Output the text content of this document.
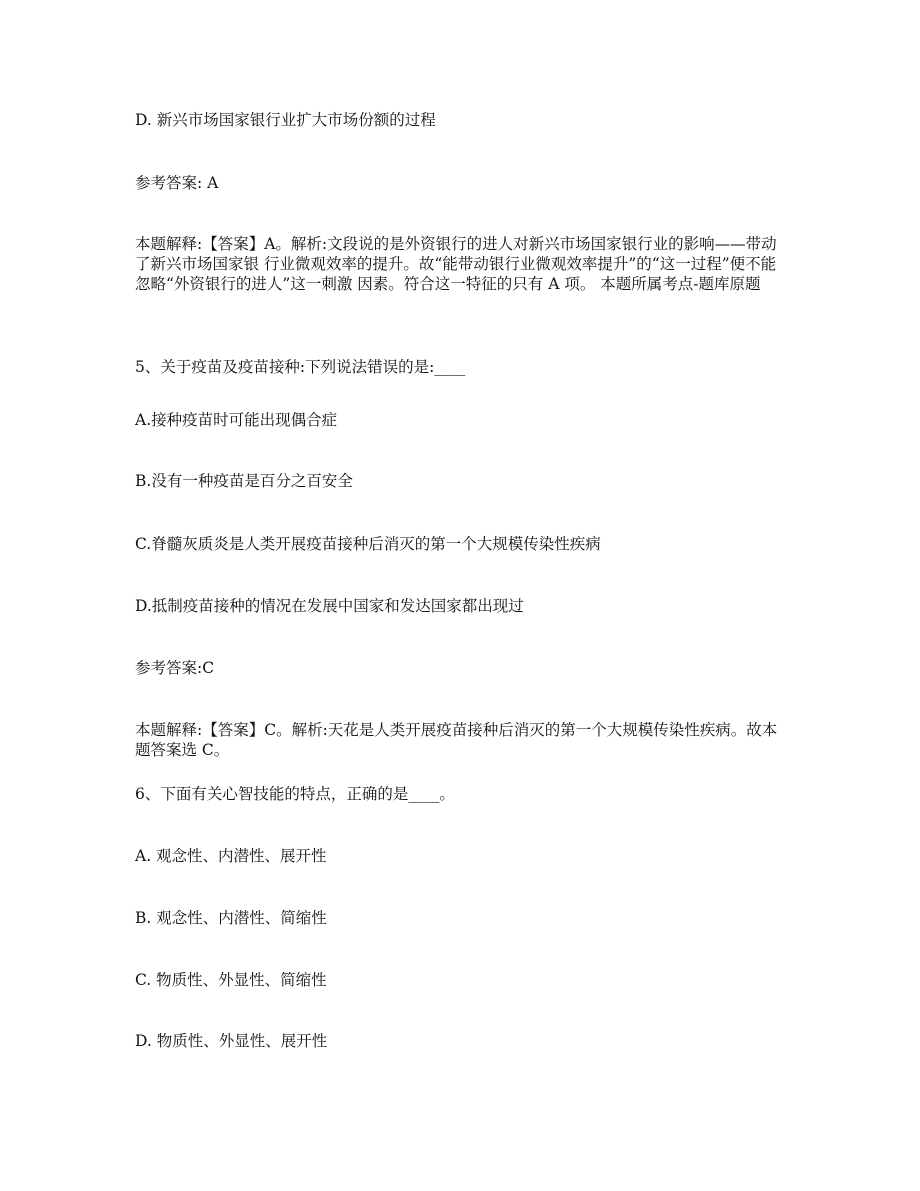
D. 新兴市场国家银行业扩大市场份额的过程

参考答案: A

本题解释:【答案】A。解析:文段说的是外资银行的进人对新兴市场国家银行业的影响——带动了新兴市场国家银 行业微观效率的提升。故“能带动银行业微观效率提升”的“这一过程”便不能忽略“外资银行的进人”这一刺激 因素。符合这一特征的只有 A 项。 本题所属考点-题库原题

5、关于疫苗及疫苗接种:下列说法错误的是:____

A.接种疫苗时可能出现偶合症

B.没有一种疫苗是百分之百安全

C.脊髓灰质炎是人类开展疫苗接种后消灭的第一个大规模传染性疾病

D.抵制疫苗接种的情况在发展中国家和发达国家都出现过

参考答案:C

本题解释:【答案】C。解析:天花是人类开展疫苗接种后消灭的第一个大规模传染性疾病。故本题答案选 C。

6、下面有关心智技能的特点，正确的是____。

A. 观念性、内潜性、展开性

B. 观念性、内潜性、简缩性

C. 物质性、外显性、简缩性

D. 物质性、外显性、展开性
